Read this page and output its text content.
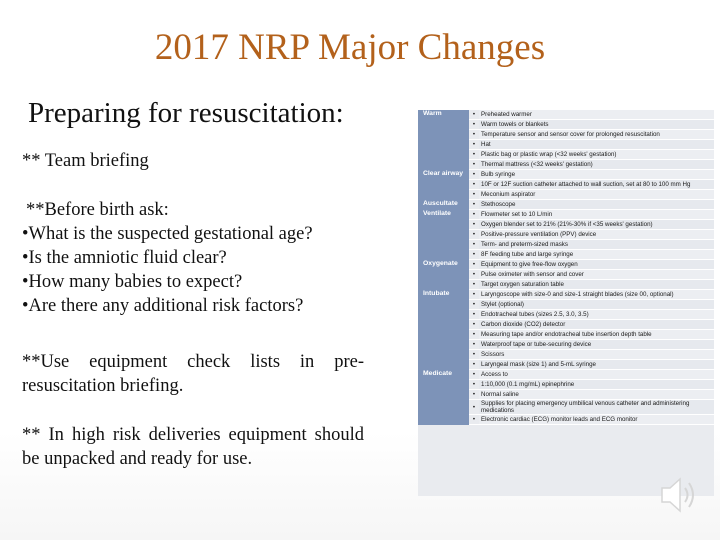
2017 NRP Major Changes
Preparing for resuscitation:
** Team briefing
**Before birth ask:
•What is the suspected gestational age?
•Is the amniotic fluid clear?
•How many babies to expect?
•Are there any additional risk factors?
**Use equipment check lists in pre-resuscitation briefing.
** In high risk deliveries equipment should be unpacked and ready for use.
Warm	•	Preheated warmer
	•	Warm towels or blankets
	•	Temperature sensor and sensor cover for prolonged resuscitation
	•	Hat
	•	Plastic bag or plastic wrap (<32 weeks' gestation)
	•	Thermal mattress (<32 weeks' gestation)
Clear airway	•	Bulb syringe
	•	10F or 12F suction catheter attached to wall suction, set at 80 to 100 mm Hg
	•	Meconium aspirator
Auscultate	•	Stethoscope
Ventilate	•	Flowmeter set to 10 L/min
	•	Oxygen blender set to 21% (21%-30% if <35 weeks' gestation)
	•	Positive-pressure ventilation (PPV) device
	•	Term- and preterm-sized masks
	•	8F feeding tube and large syringe
Oxygenate	•	Equipment to give free-flow oxygen
	•	Pulse oximeter with sensor and cover
	•	Target oxygen saturation table
Intubate	•	Laryngoscope with size-0 and size-1 straight blades (size 00, optional)
	•	Stylet (optional)
	•	Endotracheal tubes (sizes 2.5, 3.0, 3.5)
	•	Carbon dioxide (CO2) detector
	•	Measuring tape and/or endotracheal tube insertion depth table
	•	Waterproof tape or tube-securing device
	•	Scissors
	•	Laryngeal mask (size 1) and 5-mL syringe
Medicate	•	Access to
	•	1:10,000 (0.1 mg/mL) epinephrine
	•	Normal saline
	•	Supplies for placing emergency umbilical venous catheter and administering medications
	•	Electronic cardiac (ECG) monitor leads and ECG monitor
